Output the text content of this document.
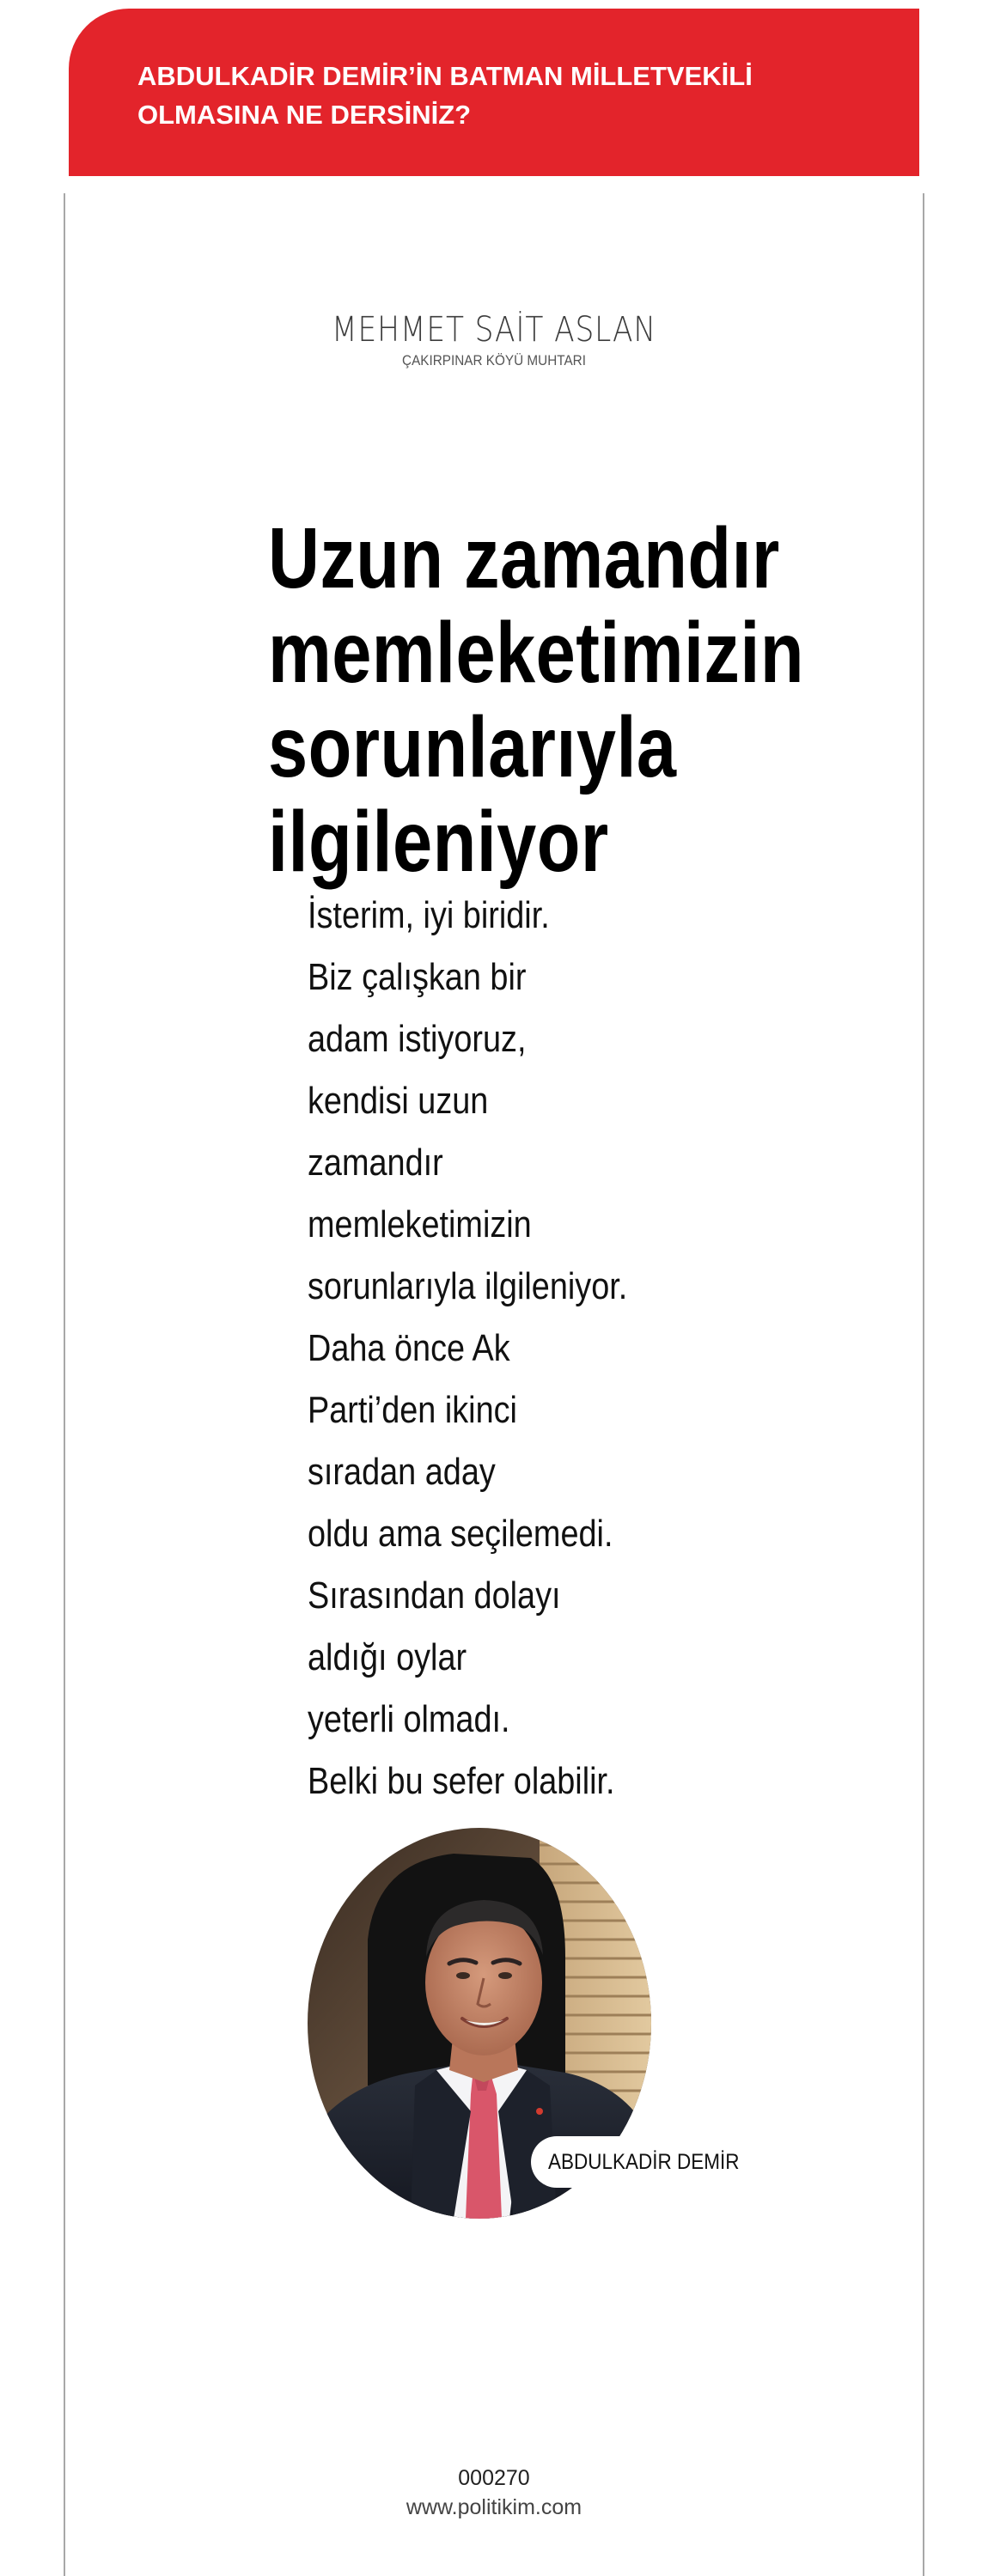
ABDULKADİR DEMİR’İN BATMAN MİLLETVEKİLİ OLMASINA NE DERSİNİZ?
MEHMET SAİT ASLAN
ÇAKIRPINAR KÖYÜ MUHTARI
Uzun zamandır memleketimizin sorunlarıyla ilgileniyor
İsterim, iyi biridir.
Biz çalışkan bir
adam istiyoruz,
kendisi uzun
zamandır
memleketimizin
sorunlarıyla ilgileniyor.
Daha önce Ak
Parti’den ikinci
sıradan aday
oldu ama seçilemedi.
Sırasından dolayı
aldığı oylar
yeterli olmadı.
Belki bu sefer olabilir.
ABDULKADİR DEMİR
000270
www.politikim.com
